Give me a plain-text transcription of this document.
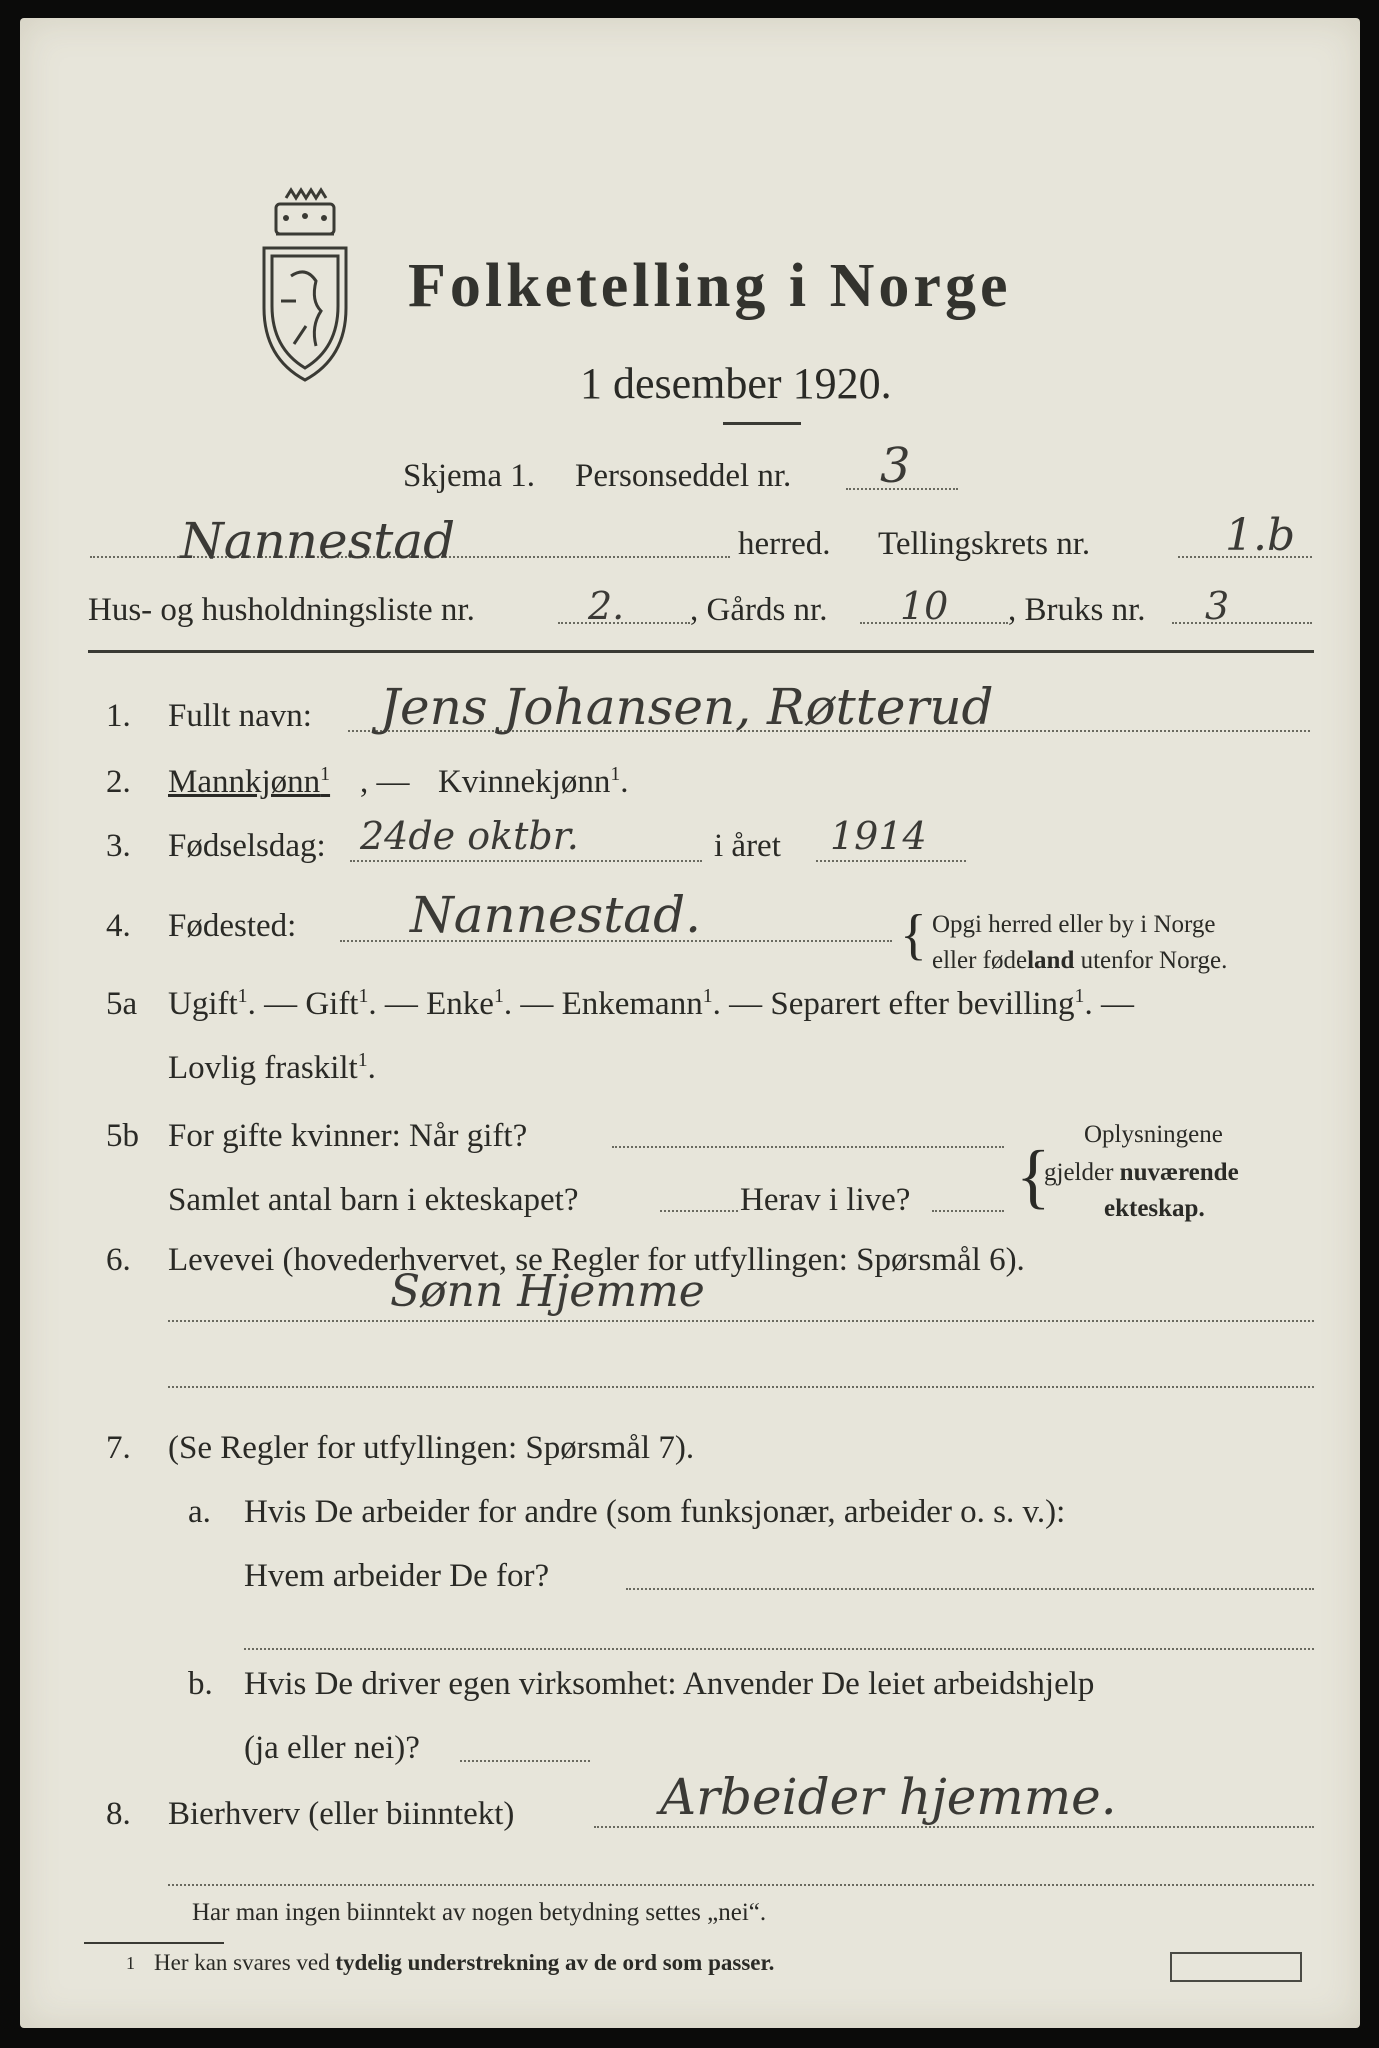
Folketelling i Norge
1 desember 1920.
Skjema 1. Personseddel nr. 3
Nannestad	herred. Tellingskrets nr.	1.b
Hus- og husholdningsliste nr.	2. , Gårds nr. 10 , Bruks nr. 3
1. Fullt navn: Jens Johansen, Røtterud
2. Mannkjønn$^1$ , — Kvinnekjønn$^1$.
3. Fødselsdag: 24de oktbr.	i året 1914
4. Fødested: Nannestad.	{ Opgi herred eller by i Norge
eller fødeland utenfor Norge.
5a Ugift$^1$. — Gift$^1$. — Enke$^1$. — Enkemann$^1$. — Separert efter bevilling$^1$. —
Lovlig fraskilt$^1$.
5b For gifte kvinner: Når gift?
Samlet antal barn i ekteskapet?	Herav i live? {
Oplysningene
gjelder nuværende
ekteskap.
6. Levevei (hovederhvervet, se Regler for utfyllingen: Spørsmål 6).
Sønn Hjemme
7. (Se Regler for utfyllingen: Spørsmål 7).
a. Hvis De arbeider for andre (som funksjonær, arbeider o. s. v.):
Hvem arbeider De for?
b. Hvis De driver egen virksomhet: Anvender De leiet arbeidshjelp
(ja eller nei)?
8. Bierhverv (eller biinntekt)	Arbeider hjemme.
Har man ingen biinntekt av nogen betydning settes „nei“.
1 Her kan svares ved tydelig understrekning av de ord som passer.
